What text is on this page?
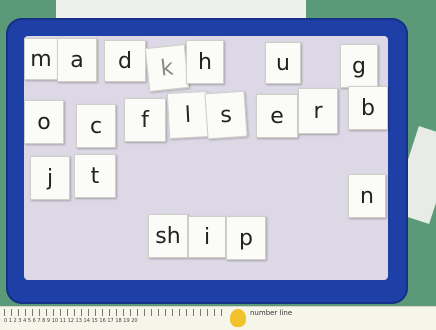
0 1 2 3 4 5 6 7 8 9 10 11 12 13 14 15 16 17 18 19 20
number line
m a	d	k	h	u	g
o	c	f	l	s	e	r	b
j	t
n
sh	i	p
